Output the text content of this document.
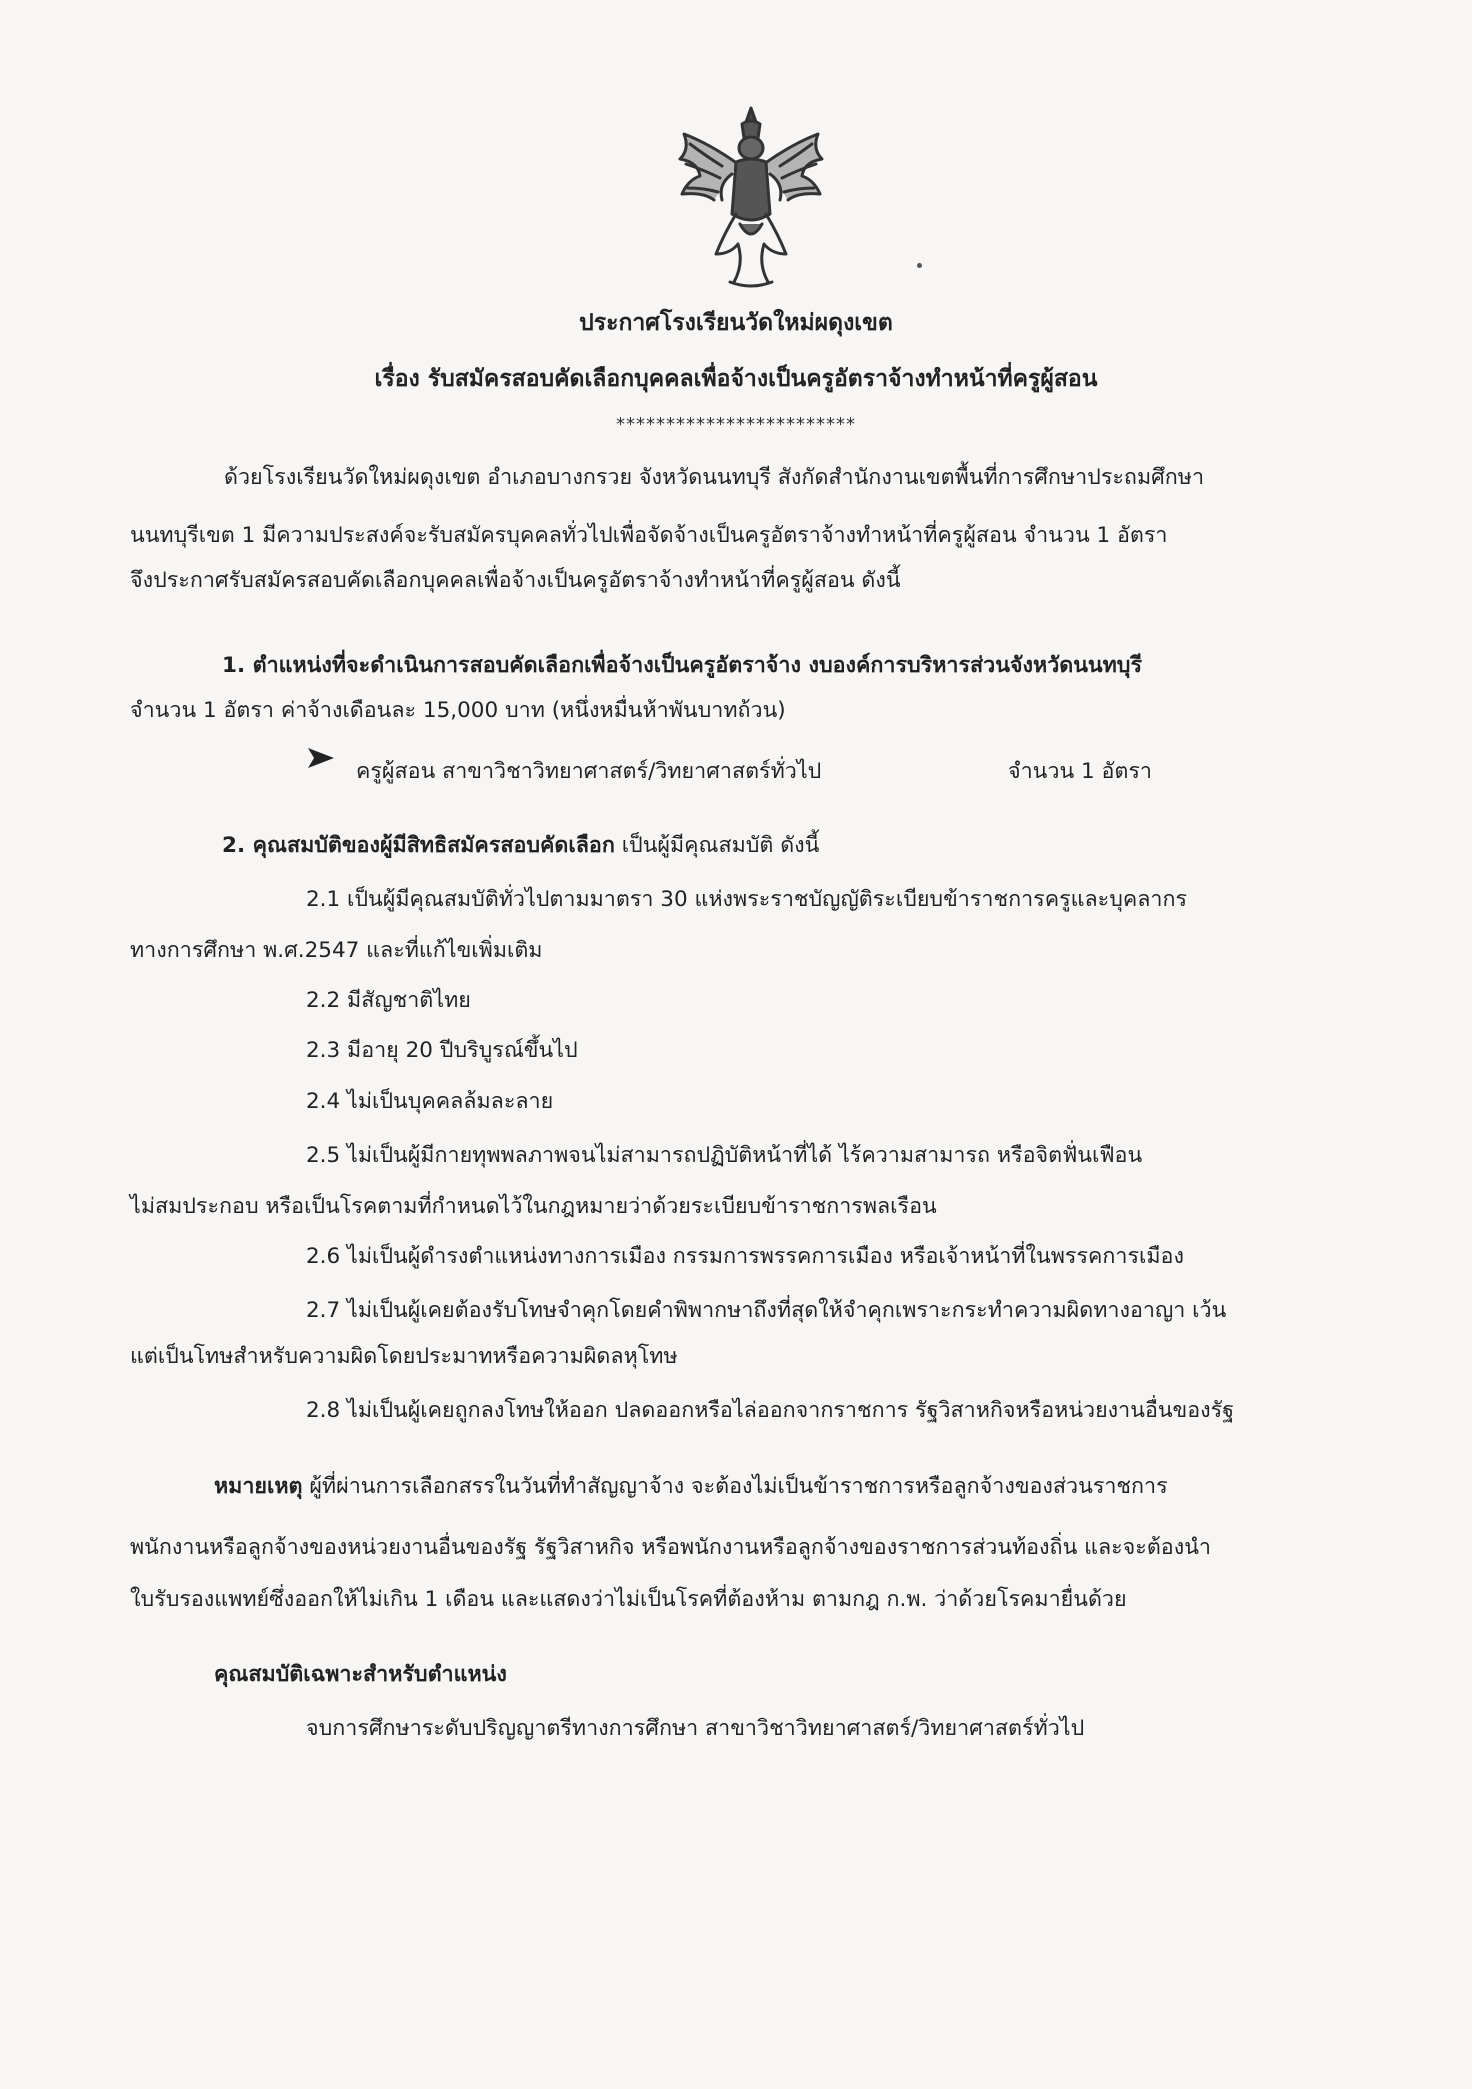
ประกาศโรงเรียนวัดใหม่ผดุงเขต
เรื่อง รับสมัครสอบคัดเลือกบุคคลเพื่อจ้างเป็นครูอัตราจ้างทำหน้าที่ครูผู้สอน
************************
ด้วยโรงเรียนวัดใหม่ผดุงเขต อำเภอบางกรวย จังหวัดนนทบุรี สังกัดสำนักงานเขตพื้นที่การศึกษาประถมศึกษา
นนทบุรีเขต 1 มีความประสงค์จะรับสมัครบุคคลทั่วไปเพื่อจัดจ้างเป็นครูอัตราจ้างทำหน้าที่ครูผู้สอน จำนวน 1 อัตรา
จึงประกาศรับสมัครสอบคัดเลือกบุคคลเพื่อจ้างเป็นครูอัตราจ้างทำหน้าที่ครูผู้สอน ดังนี้
1. ตำแหน่งที่จะดำเนินการสอบคัดเลือกเพื่อจ้างเป็นครูอัตราจ้าง งบองค์การบริหารส่วนจังหวัดนนทบุรี
จำนวน 1 อัตรา ค่าจ้างเดือนละ 15,000 บาท (หนึ่งหมื่นห้าพันบาทถ้วน)
ครูผู้สอน สาขาวิชาวิทยาศาสตร์/วิทยาศาสตร์ทั่วไป	จำนวน 1 อัตรา
2. คุณสมบัติของผู้มีสิทธิสมัครสอบคัดเลือก เป็นผู้มีคุณสมบัติ ดังนี้
2.1 เป็นผู้มีคุณสมบัติทั่วไปตามมาตรา 30 แห่งพระราชบัญญัติระเบียบข้าราชการครูและบุคลากร
ทางการศึกษา พ.ศ.2547 และที่แก้ไขเพิ่มเติม
2.2 มีสัญชาติไทย
2.3 มีอายุ 20 ปีบริบูรณ์ขึ้นไป
2.4 ไม่เป็นบุคคลล้มละลาย
2.5 ไม่เป็นผู้มีกายทุพพลภาพจนไม่สามารถปฏิบัติหน้าที่ได้ ไร้ความสามารถ หรือจิตฟั่นเฟือน
ไม่สมประกอบ หรือเป็นโรคตามที่กำหนดไว้ในกฎหมายว่าด้วยระเบียบข้าราชการพลเรือน
2.6 ไม่เป็นผู้ดำรงตำแหน่งทางการเมือง กรรมการพรรคการเมือง หรือเจ้าหน้าที่ในพรรคการเมือง
2.7 ไม่เป็นผู้เคยต้องรับโทษจำคุกโดยคำพิพากษาถึงที่สุดให้จำคุกเพราะกระทำความผิดทางอาญา เว้น
แต่เป็นโทษสำหรับความผิดโดยประมาทหรือความผิดลหุโทษ
2.8 ไม่เป็นผู้เคยถูกลงโทษให้ออก ปลดออกหรือไล่ออกจากราชการ รัฐวิสาหกิจหรือหน่วยงานอื่นของรัฐ
หมายเหตุ ผู้ที่ผ่านการเลือกสรรในวันที่ทำสัญญาจ้าง จะต้องไม่เป็นข้าราชการหรือลูกจ้างของส่วนราชการ
พนักงานหรือลูกจ้างของหน่วยงานอื่นของรัฐ รัฐวิสาหกิจ หรือพนักงานหรือลูกจ้างของราชการส่วนท้องถิ่น และจะต้องนำ
ใบรับรองแพทย์ซึ่งออกให้ไม่เกิน 1 เดือน และแสดงว่าไม่เป็นโรคที่ต้องห้าม ตามกฎ ก.พ. ว่าด้วยโรคมายื่นด้วย
คุณสมบัติเฉพาะสำหรับตำแหน่ง
จบการศึกษาระดับปริญญาตรีทางการศึกษา สาขาวิชาวิทยาศาสตร์/วิทยาศาสตร์ทั่วไป
